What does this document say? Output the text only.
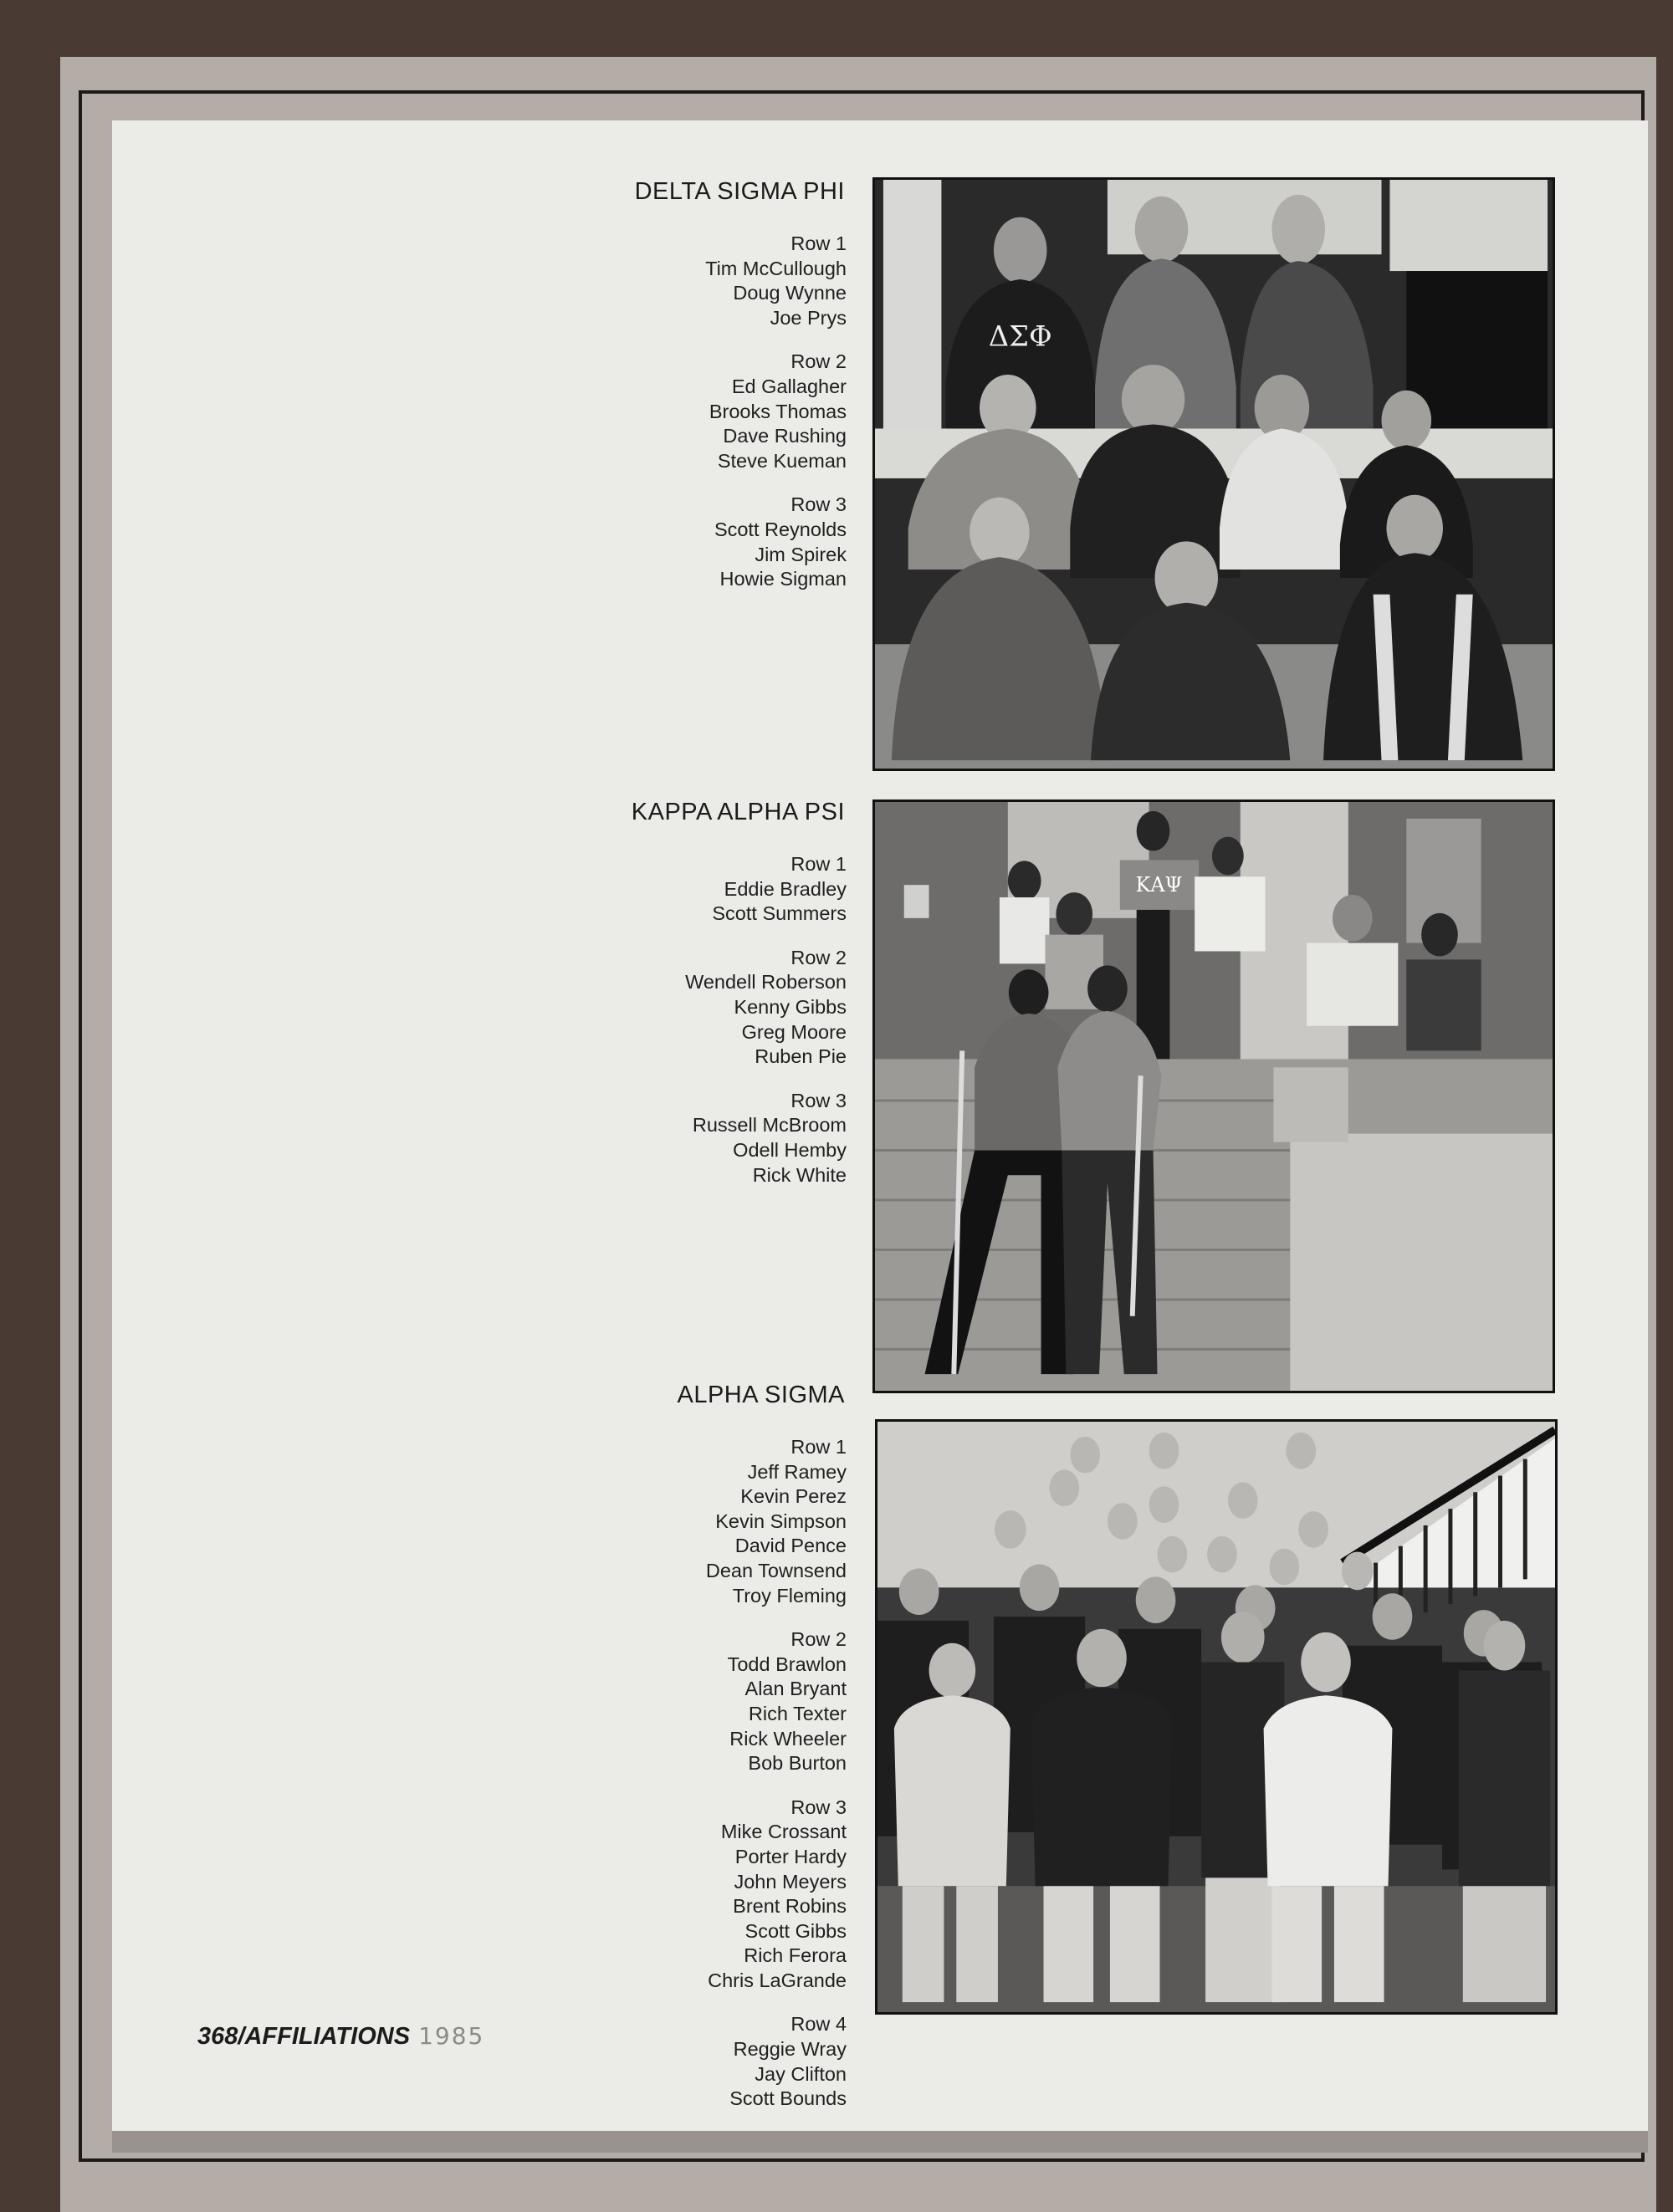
DELTA SIGMA PHI
Row 1
Tim McCullough
Doug Wynne
Joe Prys
Row 2
Ed Gallagher
Brooks Thomas
Dave Rushing
Steve Kueman
Row 3
Scott Reynolds
Jim Spirek
Howie Sigman
ΔΣΦ
KAPPA ALPHA PSI
Row 1
Eddie Bradley
Scott Summers
Row 2
Wendell Roberson
Kenny Gibbs
Greg Moore
Ruben Pie
Row 3
Russell McBroom
Odell Hemby
Rick White
ΚΑΨ
ALPHA SIGMA
Row 1
Jeff Ramey
Kevin Perez
Kevin Simpson
David Pence
Dean Townsend
Troy Fleming
Row 2
Todd Brawlon
Alan Bryant
Rich Texter
Rick Wheeler
Bob Burton
Row 3
Mike Crossant
Porter Hardy
John Meyers
Brent Robins
Scott Gibbs
Rich Ferora
Chris LaGrande
Row 4
Reggie Wray
Jay Clifton
Scott Bounds
368/AFFILIATIONS 1985
